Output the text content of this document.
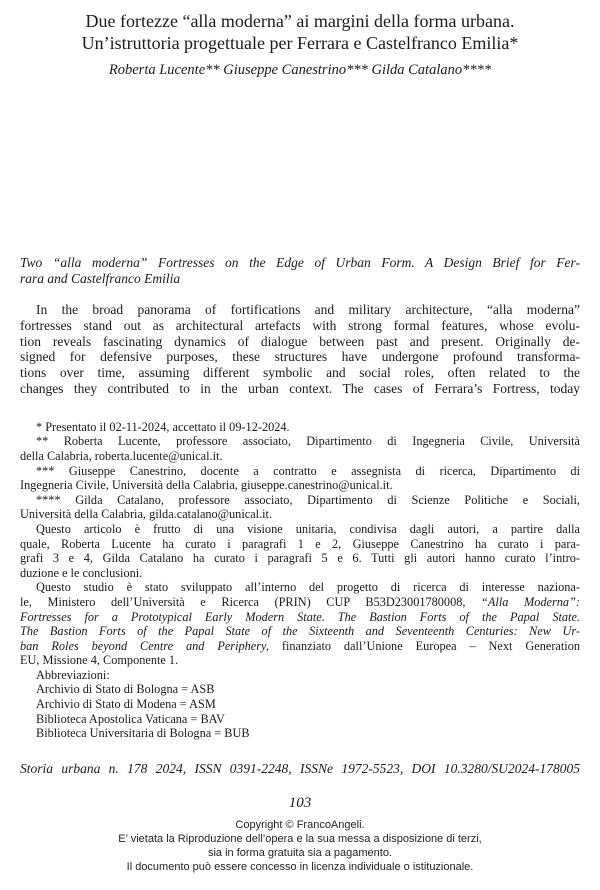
Due fortezze “alla moderna” ai margini della forma urbana.
Un’istruttoria progettuale per Ferrara e Castelfranco Emilia*
Roberta Lucente** Giuseppe Canestrino*** Gilda Catalano****
Two “alla moderna” Fortresses on the Edge of Urban Form. A Design Brief for Fer-
rara and Castelfranco Emilia
In the broad panorama of fortifications and military architecture, “alla moderna”
fortresses stand out as architectural artefacts with strong formal features, whose evolu-
tion reveals fascinating dynamics of dialogue between past and present. Originally de-
signed for defensive purposes, these structures have undergone profound transforma-
tions over time, assuming different symbolic and social roles, often related to the
changes they contributed to in the urban context. The cases of Ferrara’s Fortress, today
* Presentato il 02-11-2024, accettato il 09-12-2024.
** Roberta Lucente, professore associato, Dipartimento di Ingegneria Civile, Università
della Calabria, roberta.lucente@unical.it.
*** Giuseppe Canestrino, docente a contratto e assegnista di ricerca, Dipartimento di
Ingegneria Civile, Università della Calabria, giuseppe.canestrino@unical.it.
**** Gilda Catalano, professore associato, Dipartimento di Scienze Politiche e Sociali,
Università della Calabria, gilda.catalano@unical.it.
Questo articolo è frutto di una visione unitaria, condivisa dagli autori, a partire dalla
quale, Roberta Lucente ha curato i paragrafi 1 e 2, Giuseppe Canestrino ha curato i para-
grafi 3 e 4, Gilda Catalano ha curato i paragrafi 5 e 6. Tutti gli autori hanno curato l’intro-
duzione e le conclusioni.
Questo studio è stato sviluppato all’interno del progetto di ricerca di interesse naziona-
le, Ministero dell’Università e Ricerca (PRIN) CUP B53D23001780008, “Alla Moderna”:
Fortresses for a Prototypical Early Modern State. The Bastion Forts of the Papal State.
The Bastion Forts of the Papal State of the Sixteenth and Seventeenth Centuries: New Ur-
ban Roles beyond Centre and Periphery, finanziato dall’Unione Europea – Next Generation
EU, Missione 4, Componente 1.
Abbreviazioni:
Archivio di Stato di Bologna = ASB
Archivio di Stato di Modena = ASM
Biblioteca Apostolica Vaticana = BAV
Biblioteca Universitaria di Bologna = BUB
Storia urbana n. 178 2024, ISSN 0391-2248, ISSNe 1972-5523, DOI 10.3280/SU2024-178005
103
Copyright © FrancoAngeli.
E’ vietata la Riproduzione dell’opera e la sua messa a disposizione di terzi,
sia in forma gratuita sia a pagamento.
Il documento può essere concesso in licenza individuale o istituzionale.
